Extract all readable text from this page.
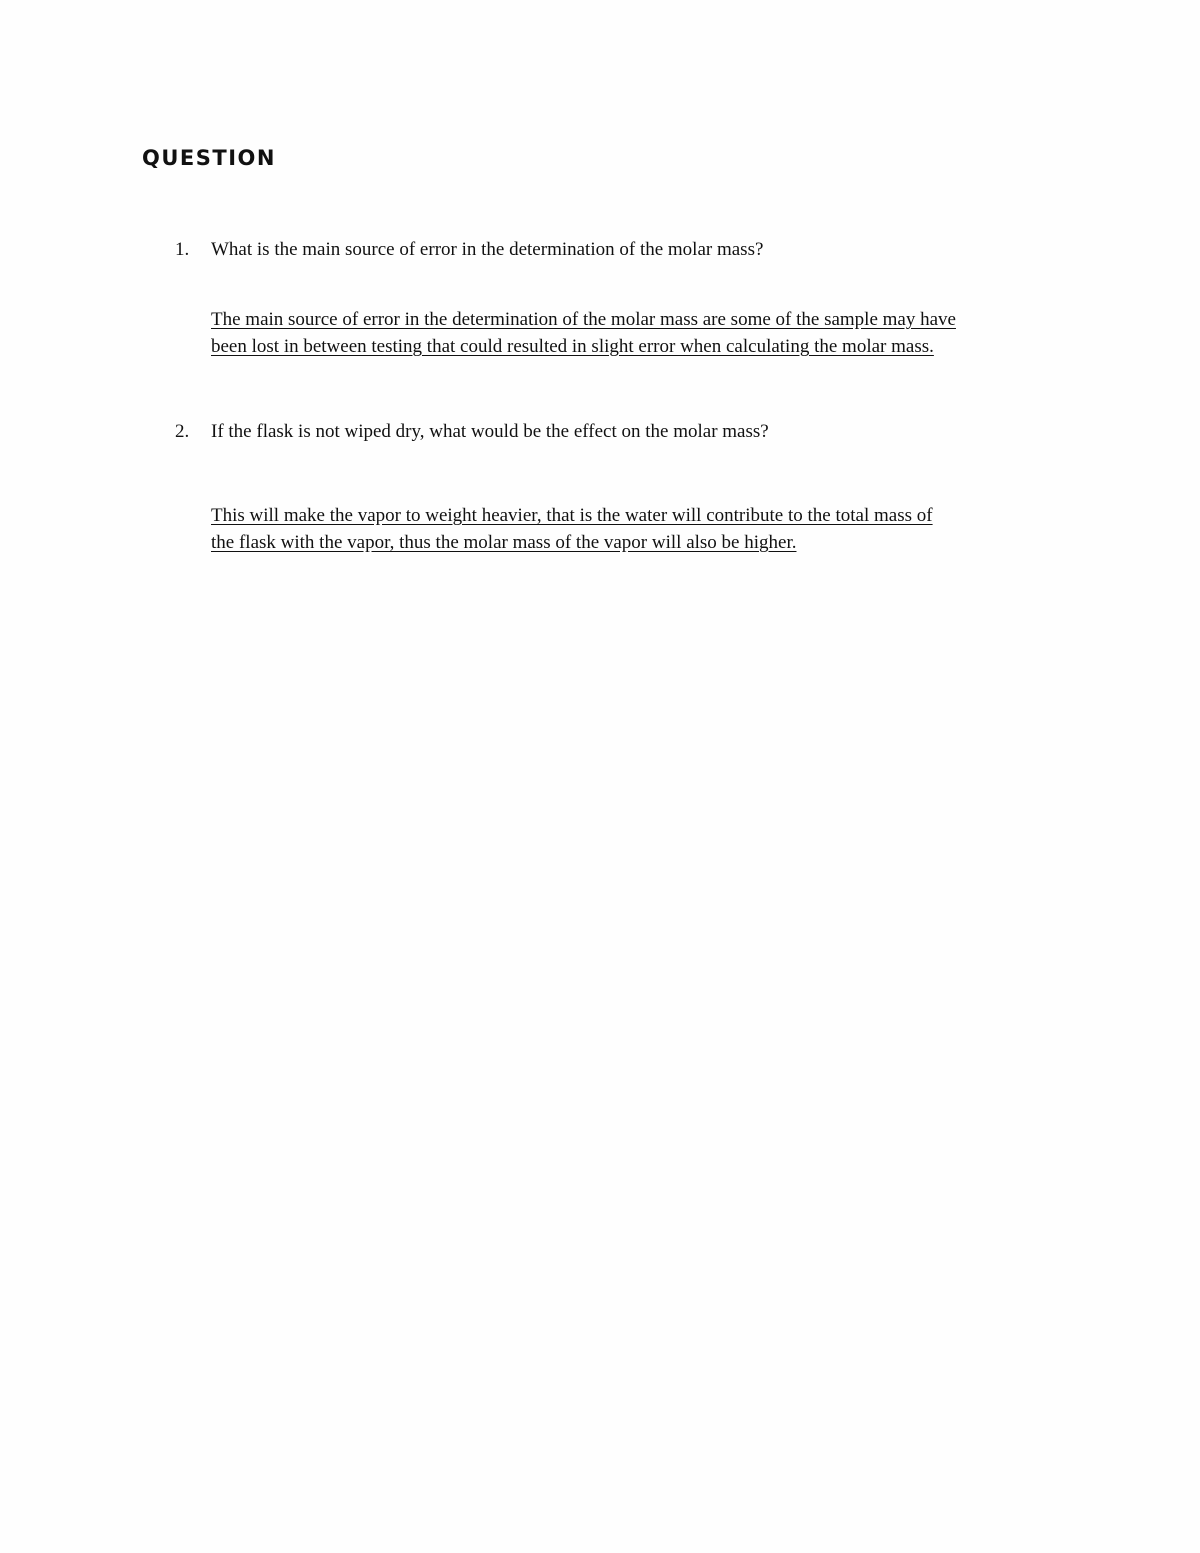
QUESTION
1. What is the main source of error in the determination of the molar mass?

The main source of error in the determination of the molar mass are some of the sample may have
been lost in between testing that could resulted in slight error when calculating the molar mass.

2. If the flask is not wiped dry, what would be the effect on the molar mass?

This will make the vapor to weight heavier, that is the water will contribute to the total mass of
the flask with the vapor, thus the molar mass of the vapor will also be higher.
